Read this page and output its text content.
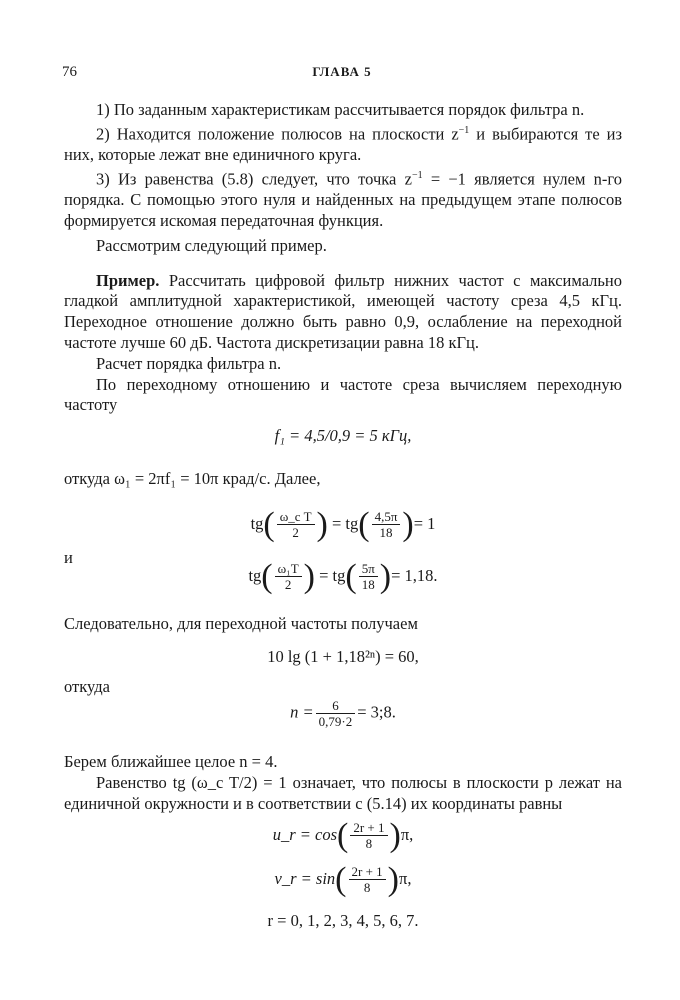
76	ГЛАВА 5

1) По заданным характеристикам рассчитывается порядок фильтра n.

2) Находится положение полюсов на плоскости $z^{-1}$ и выбираются те из них, которые лежат вне единичного круга.

3) Из равенства (5.8) следует, что точка $z^{-1} = -1$ является нулем n-го порядка. С помощью этого нуля и найденных на предыдущем этапе полюсов формируется искомая передаточная функция.

Рассмотрим следующий пример.

Пример. Рассчитать цифровой фильтр нижних частот с максимально гладкой амплитудной характеристикой, имеющей частоту среза 4,5 кГц. Переходное отношение должно быть равно 0,9, ослабление на переходной частоте лучше 60 дБ. Частота дискретизации равна 18 кГц.

Расчет порядка фильтра n.

По переходному отношению и частоте среза вычисляем переходную частоту

f₁ = 4,5/0,9 = 5 кГц,

откуда ω₁ = 2πf₁ = 10π крад/с. Далее,

$tg( \frac{\text{ω\_c T}}{2}$ ) = $tg( \frac{4,5\pi}{18}$ )= 1
и
$tg( \frac{\text{ω₁T}}{2}$ ) = $tg( \frac{5\pi}{18}$ )= 1,18.

Следовательно, для переходной частоты получаем

10 lg (1 + 1,18²ⁿ) = 60,

откуда

$n = \frac{6}{0,79\cdot 2}$ = 3;8.

Берем ближайшее целое n = 4.

Равенство tg (ω_c T/2) = 1 означает, что полюсы в плоскости p лежат на единичной окружности и в соответствии с (5.14) их координаты равны

u_r = $\cos( \frac{2r + 1}{8} )\pi$,
v_r = $\sin( \frac{2r + 1}{8} )\pi$,

r = 0, 1, 2, 3, 4, 5, 6, 7.
